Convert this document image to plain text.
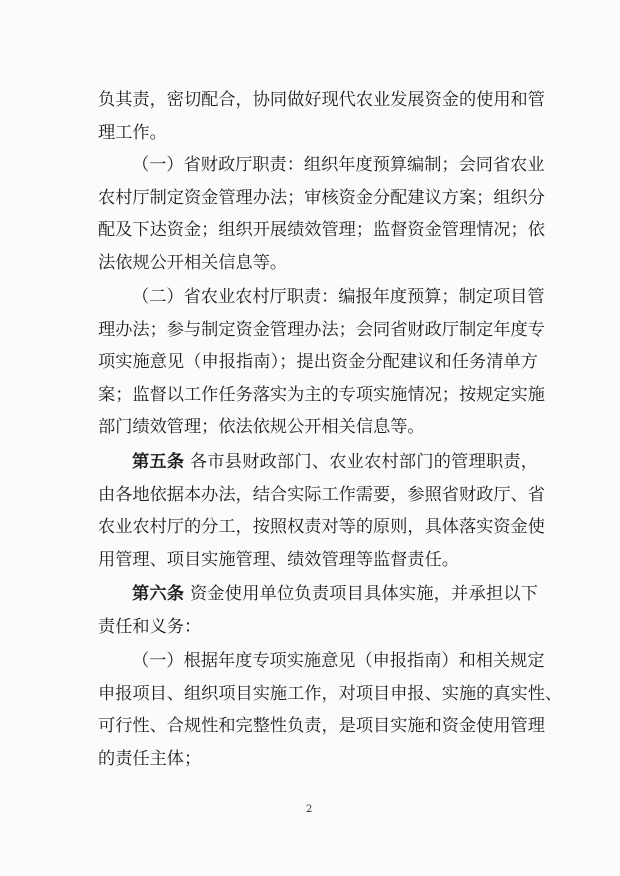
负其责，密切配合，协同做好现代农业发展资金的使用和管
理工作。
（一）省财政厅职责：组织年度预算编制；会同省农业
农村厅制定资金管理办法；审核资金分配建议方案；组织分
配及下达资金；组织开展绩效管理；监督资金管理情况；依
法依规公开相关信息等。
（二）省农业农村厅职责：编报年度预算；制定项目管
理办法；参与制定资金管理办法；会同省财政厅制定年度专
项实施意见（申报指南）；提出资金分配建议和任务清单方
案；监督以工作任务落实为主的专项实施情况；按规定实施
部门绩效管理；依法依规公开相关信息等。
第五条 各市县财政部门、农业农村部门的管理职责，
由各地依据本办法，结合实际工作需要，参照省财政厅、省
农业农村厅的分工，按照权责对等的原则，具体落实资金使
用管理、项目实施管理、绩效管理等监督责任。
第六条 资金使用单位负责项目具体实施，并承担以下
责任和义务：
（一）根据年度专项实施意见（申报指南）和相关规定
申报项目、组织项目实施工作，对项目申报、实施的真实性、
可行性、合规性和完整性负责，是项目实施和资金使用管理
的责任主体；
2
